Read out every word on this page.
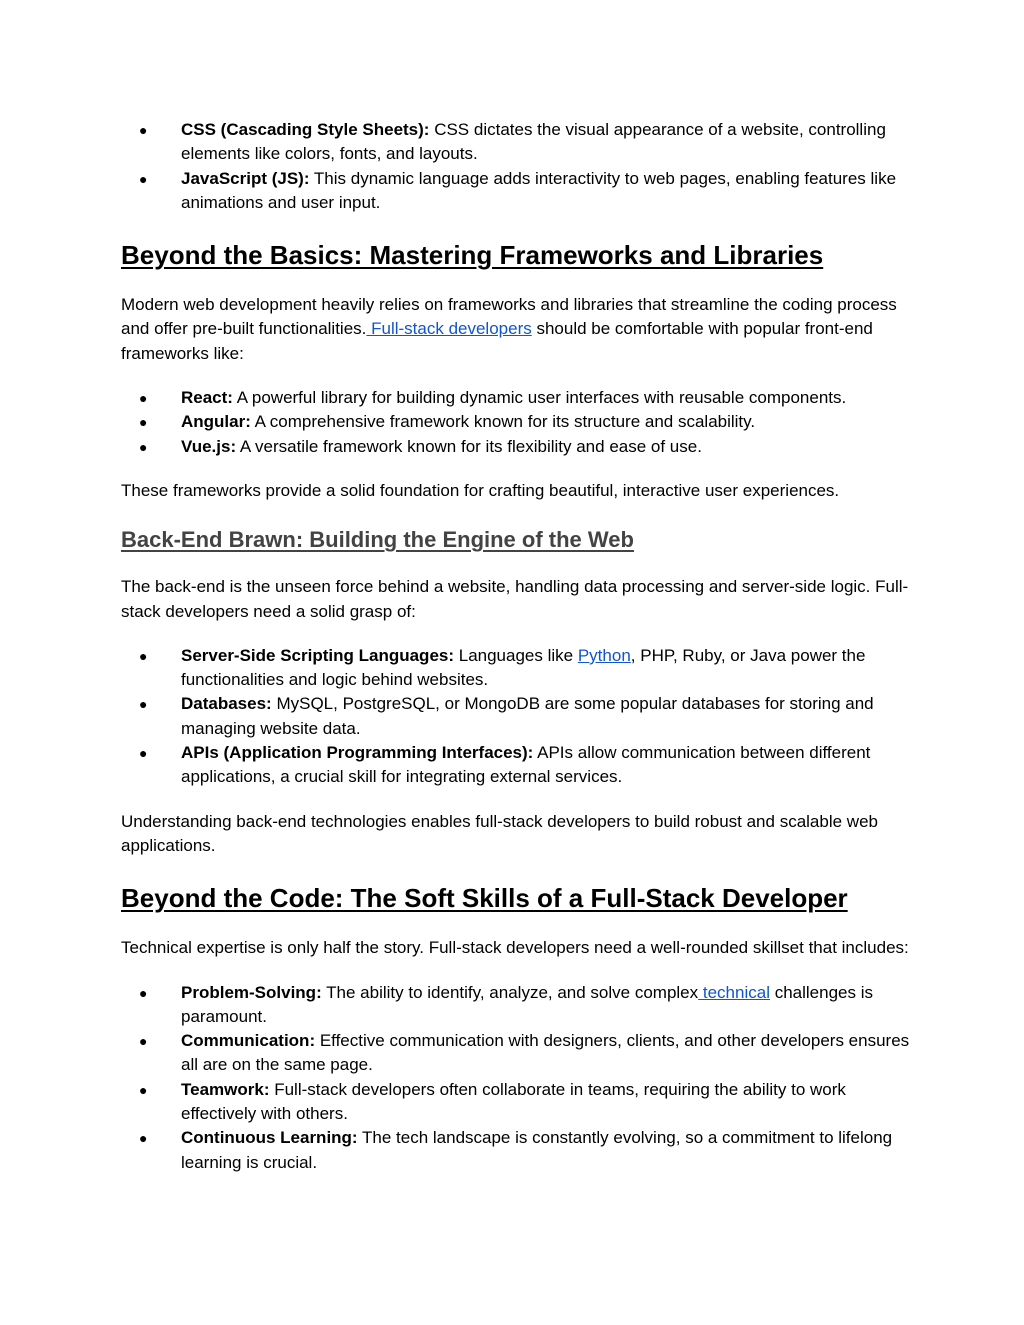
● CSS (Cascading Style Sheets): CSS dictates the visual appearance of a website, controlling elements like colors, fonts, and layouts.
● JavaScript (JS): This dynamic language adds interactivity to web pages, enabling features like animations and user input.
Beyond the Basics: Mastering Frameworks and Libraries

Modern web development heavily relies on frameworks and libraries that streamline the coding process and offer pre-built functionalities. Full-stack developers should be comfortable with popular front-end frameworks like:

● React: A powerful library for building dynamic user interfaces with reusable components.
● Angular: A comprehensive framework known for its structure and scalability.
● Vue.js: A versatile framework known for its flexibility and ease of use.

These frameworks provide a solid foundation for crafting beautiful, interactive user experiences.

Back-End Brawn: Building the Engine of the Web

The back-end is the unseen force behind a website, handling data processing and server-side logic. Full-stack developers need a solid grasp of:

● Server-Side Scripting Languages: Languages like Python, PHP, Ruby, or Java power the functionalities and logic behind websites.
● Databases: MySQL, PostgreSQL, or MongoDB are some popular databases for storing and managing website data.
● APIs (Application Programming Interfaces): APIs allow communication between different applications, a crucial skill for integrating external services.

Understanding back-end technologies enables full-stack developers to build robust and scalable web applications.

Beyond the Code: The Soft Skills of a Full-Stack Developer

Technical expertise is only half the story. Full-stack developers need a well-rounded skillset that includes:

● Problem-Solving: The ability to identify, analyze, and solve complex technical challenges is paramount.
● Communication: Effective communication with designers, clients, and other developers ensures all are on the same page.
● Teamwork: Full-stack developers often collaborate in teams, requiring the ability to work effectively with others.
● Continuous Learning: The tech landscape is constantly evolving, so a commitment to lifelong learning is crucial.
